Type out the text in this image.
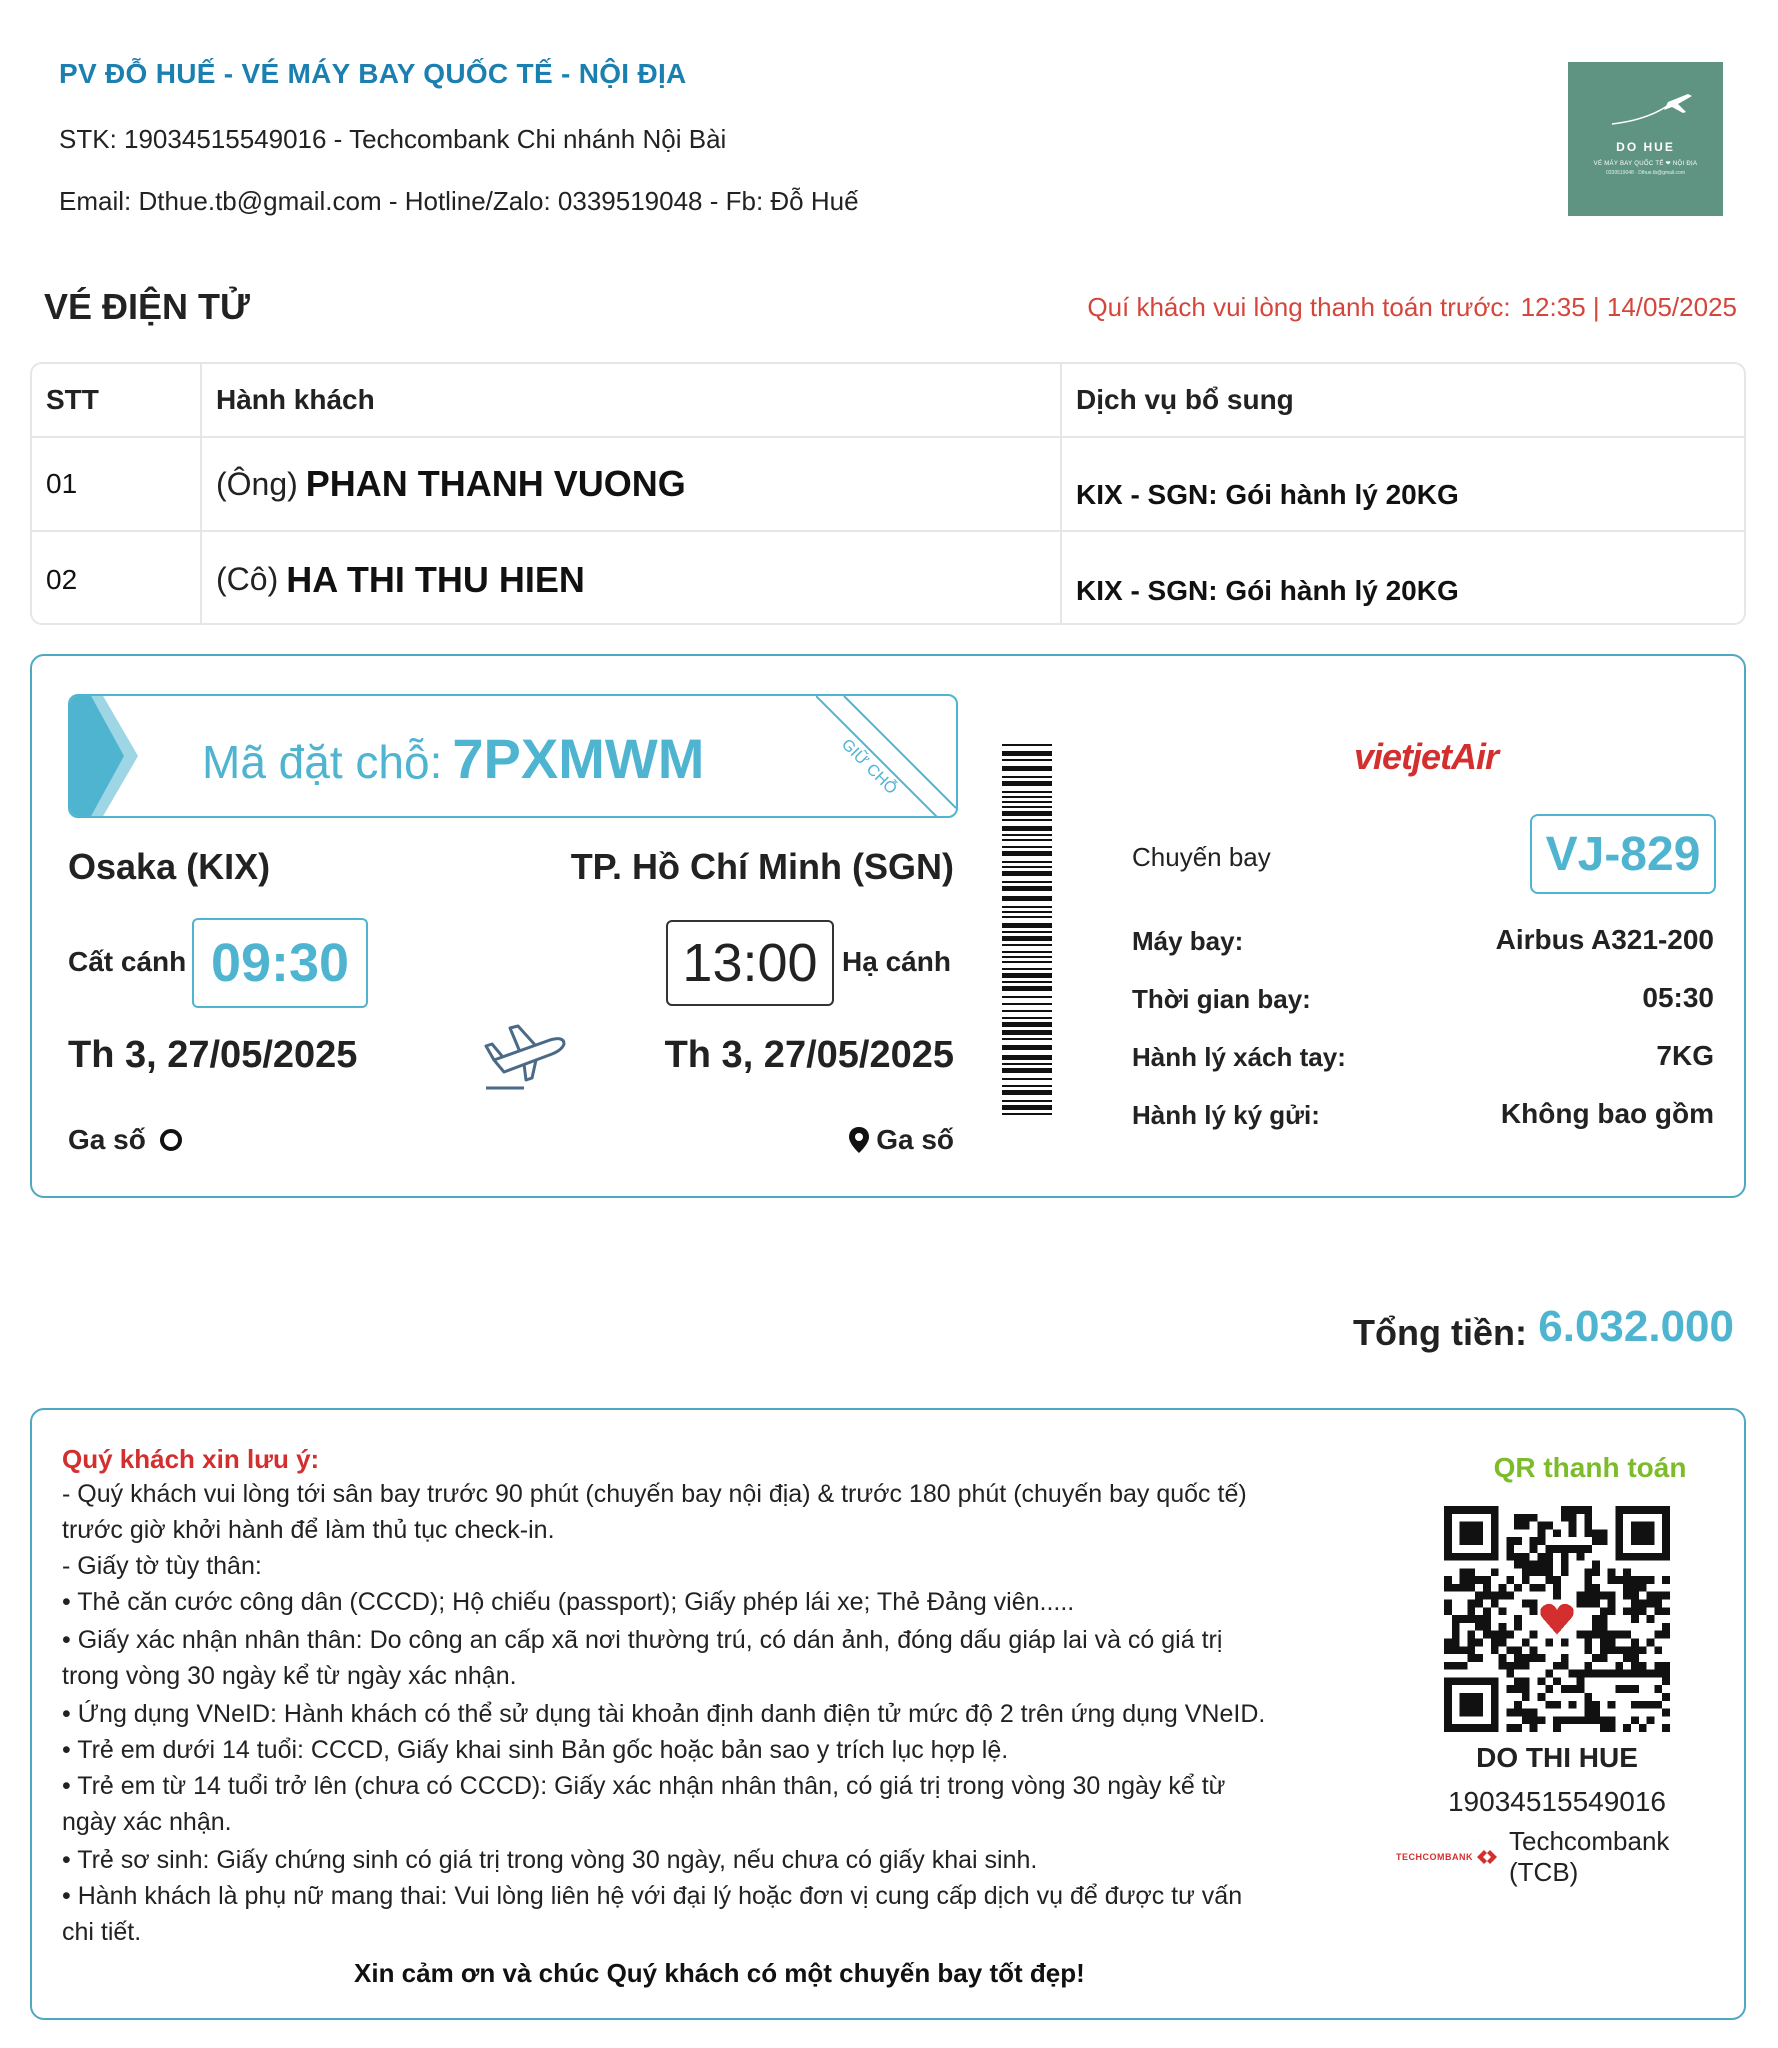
PV ĐỖ HUẾ - VÉ MÁY BAY QUỐC TẾ - NỘI ĐỊA
STK: 19034515549016 - Techcombank Chi nhánh Nội Bài
Email: Dthue.tb@gmail.com - Hotline/Zalo: 0339519048 - Fb: Đỗ Huế
DO HUE
VÉ MÁY BAY QUỐC TẾ ❤ NỘI ĐỊA
0339519048 · Dthue.tb@gmail.com
VÉ ĐIỆN TỬ	Quí khách vui lòng thanh toán trước: 12:35 | 14/05/2025
STT	Hành khách	Dịch vụ bổ sung
01	(Ông) PHAN THANH VUONG	KIX - SGN: Gói hành lý 20KG
02	(Cô) HA THI THU HIEN	KIX - SGN: Gói hành lý 20KG
Mã đặt chỗ: 7PXMWM	GIỮ CHỖ
Osaka (KIX)	TP. Hồ Chí Minh (SGN)
Cất cánh 09:30	13:00 Hạ cánh
Th 3, 27/05/2025	Th 3, 27/05/2025
Ga số	Ga số
vietjetAir
Chuyến bay	VJ-829
Máy bay:	Airbus A321-200
Thời gian bay:	05:30
Hành lý xách tay:	7KG
Hành lý ký gửi:	Không bao gồm
Tổng tiền: 6.032.000
Quý khách xin lưu ý:
- Quý khách vui lòng tới sân bay trước 90 phút (chuyến bay nội địa) & trước 180 phút (chuyến bay quốc tế)
trước giờ khởi hành để làm thủ tục check-in.
- Giấy tờ tùy thân:
• Thẻ căn cước công dân (CCCD); Hộ chiếu (passport); Giấy phép lái xe; Thẻ Đảng viên.....
• Giấy xác nhận nhân thân: Do công an cấp xã nơi thường trú, có dán ảnh, đóng dấu giáp lai và có giá trị
trong vòng 30 ngày kể từ ngày xác nhận.
• Ứng dụng VNeID: Hành khách có thể sử dụng tài khoản định danh điện tử mức độ 2 trên ứng dụng VNeID.
• Trẻ em dưới 14 tuổi: CCCD, Giấy khai sinh Bản gốc hoặc bản sao y trích lục hợp lệ.
• Trẻ em từ 14 tuổi trở lên (chưa có CCCD): Giấy xác nhận nhân thân, có giá trị trong vòng 30 ngày kể từ
ngày xác nhận.
• Trẻ sơ sinh: Giấy chứng sinh có giá trị trong vòng 30 ngày, nếu chưa có giấy khai sinh.
• Hành khách là phụ nữ mang thai: Vui lòng liên hệ với đại lý hoặc đơn vị cung cấp dịch vụ để được tư vấn
chi tiết.
Xin cảm ơn và chúc Quý khách có một chuyến bay tốt đẹp!
QR thanh toán
DO THI HUE
19034515549016
TECHCOMBANK
Techcombank (TCB)
